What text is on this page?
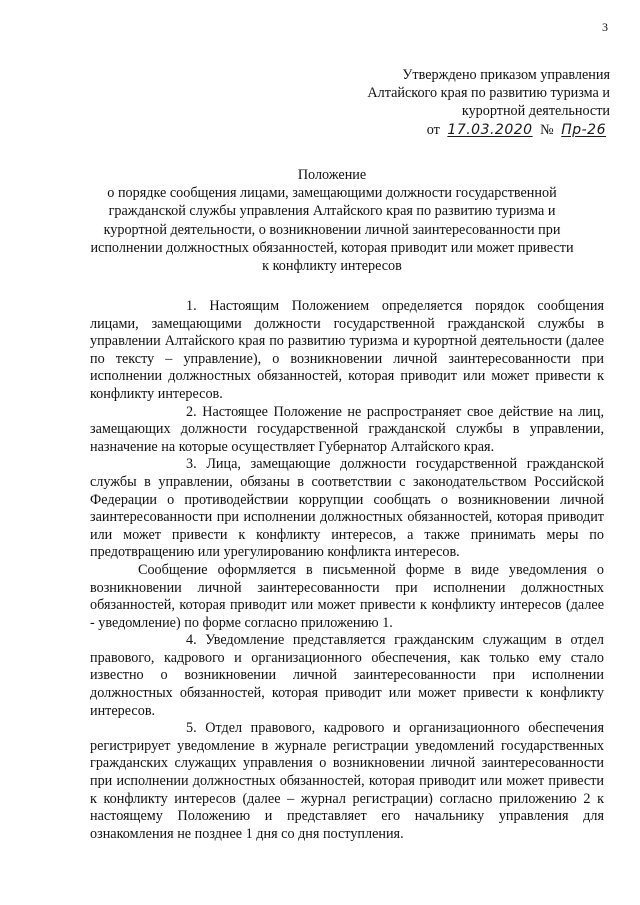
3
Утверждено приказом управления
Алтайского края по развитию туризма и
курортной деятельности
от 17.03.2020 № Пр-26
Положение
о порядке сообщения лицами, замещающими должности государственной гражданской службы управления Алтайского края по развитию туризма и курортной деятельности, о возникновении личной заинтересованности при исполнении должностных обязанностей, которая приводит или может привести к конфликту интересов

1. Настоящим Положением определяется порядок сообщения лицами, замещающими должности государственной гражданской службы в управлении Алтайского края по развитию туризма и курортной деятельности (далее по тексту – управление), о возникновении личной заинтересованности при исполнении должностных обязанностей, которая приводит или может привести к конфликту интересов.

2. Настоящее Положение не распространяет свое действие на лиц, замещающих должности государственной гражданской службы в управлении, назначение на которые осуществляет Губернатор Алтайского края.

3. Лица, замещающие должности государственной гражданской службы в управлении, обязаны в соответствии с законодательством Российской Федерации о противодействии коррупции сообщать о возникновении личной заинтересованности при исполнении должностных обязанностей, которая приводит или может привести к конфликту интересов, а также принимать меры по предотвращению или урегулированию конфликта интересов.

Сообщение оформляется в письменной форме в виде уведомления о возникновении личной заинтересованности при исполнении должностных обязанностей, которая приводит или может привести к конфликту интересов (далее - уведомление) по форме согласно приложению 1.

4. Уведомление представляется гражданским служащим в отдел правового, кадрового и организационного обеспечения, как только ему стало известно о возникновении личной заинтересованности при исполнении должностных обязанностей, которая приводит или может привести к конфликту интересов.

5. Отдел правового, кадрового и организационного обеспечения регистрирует уведомление в журнале регистрации уведомлений государственных гражданских служащих управления о возникновении личной заинтересованности при исполнении должностных обязанностей, которая приводит или может привести к конфликту интересов (далее – журнал регистрации) согласно приложению 2 к настоящему Положению и представляет его начальнику управления для ознакомления не позднее 1 дня со дня поступления.
